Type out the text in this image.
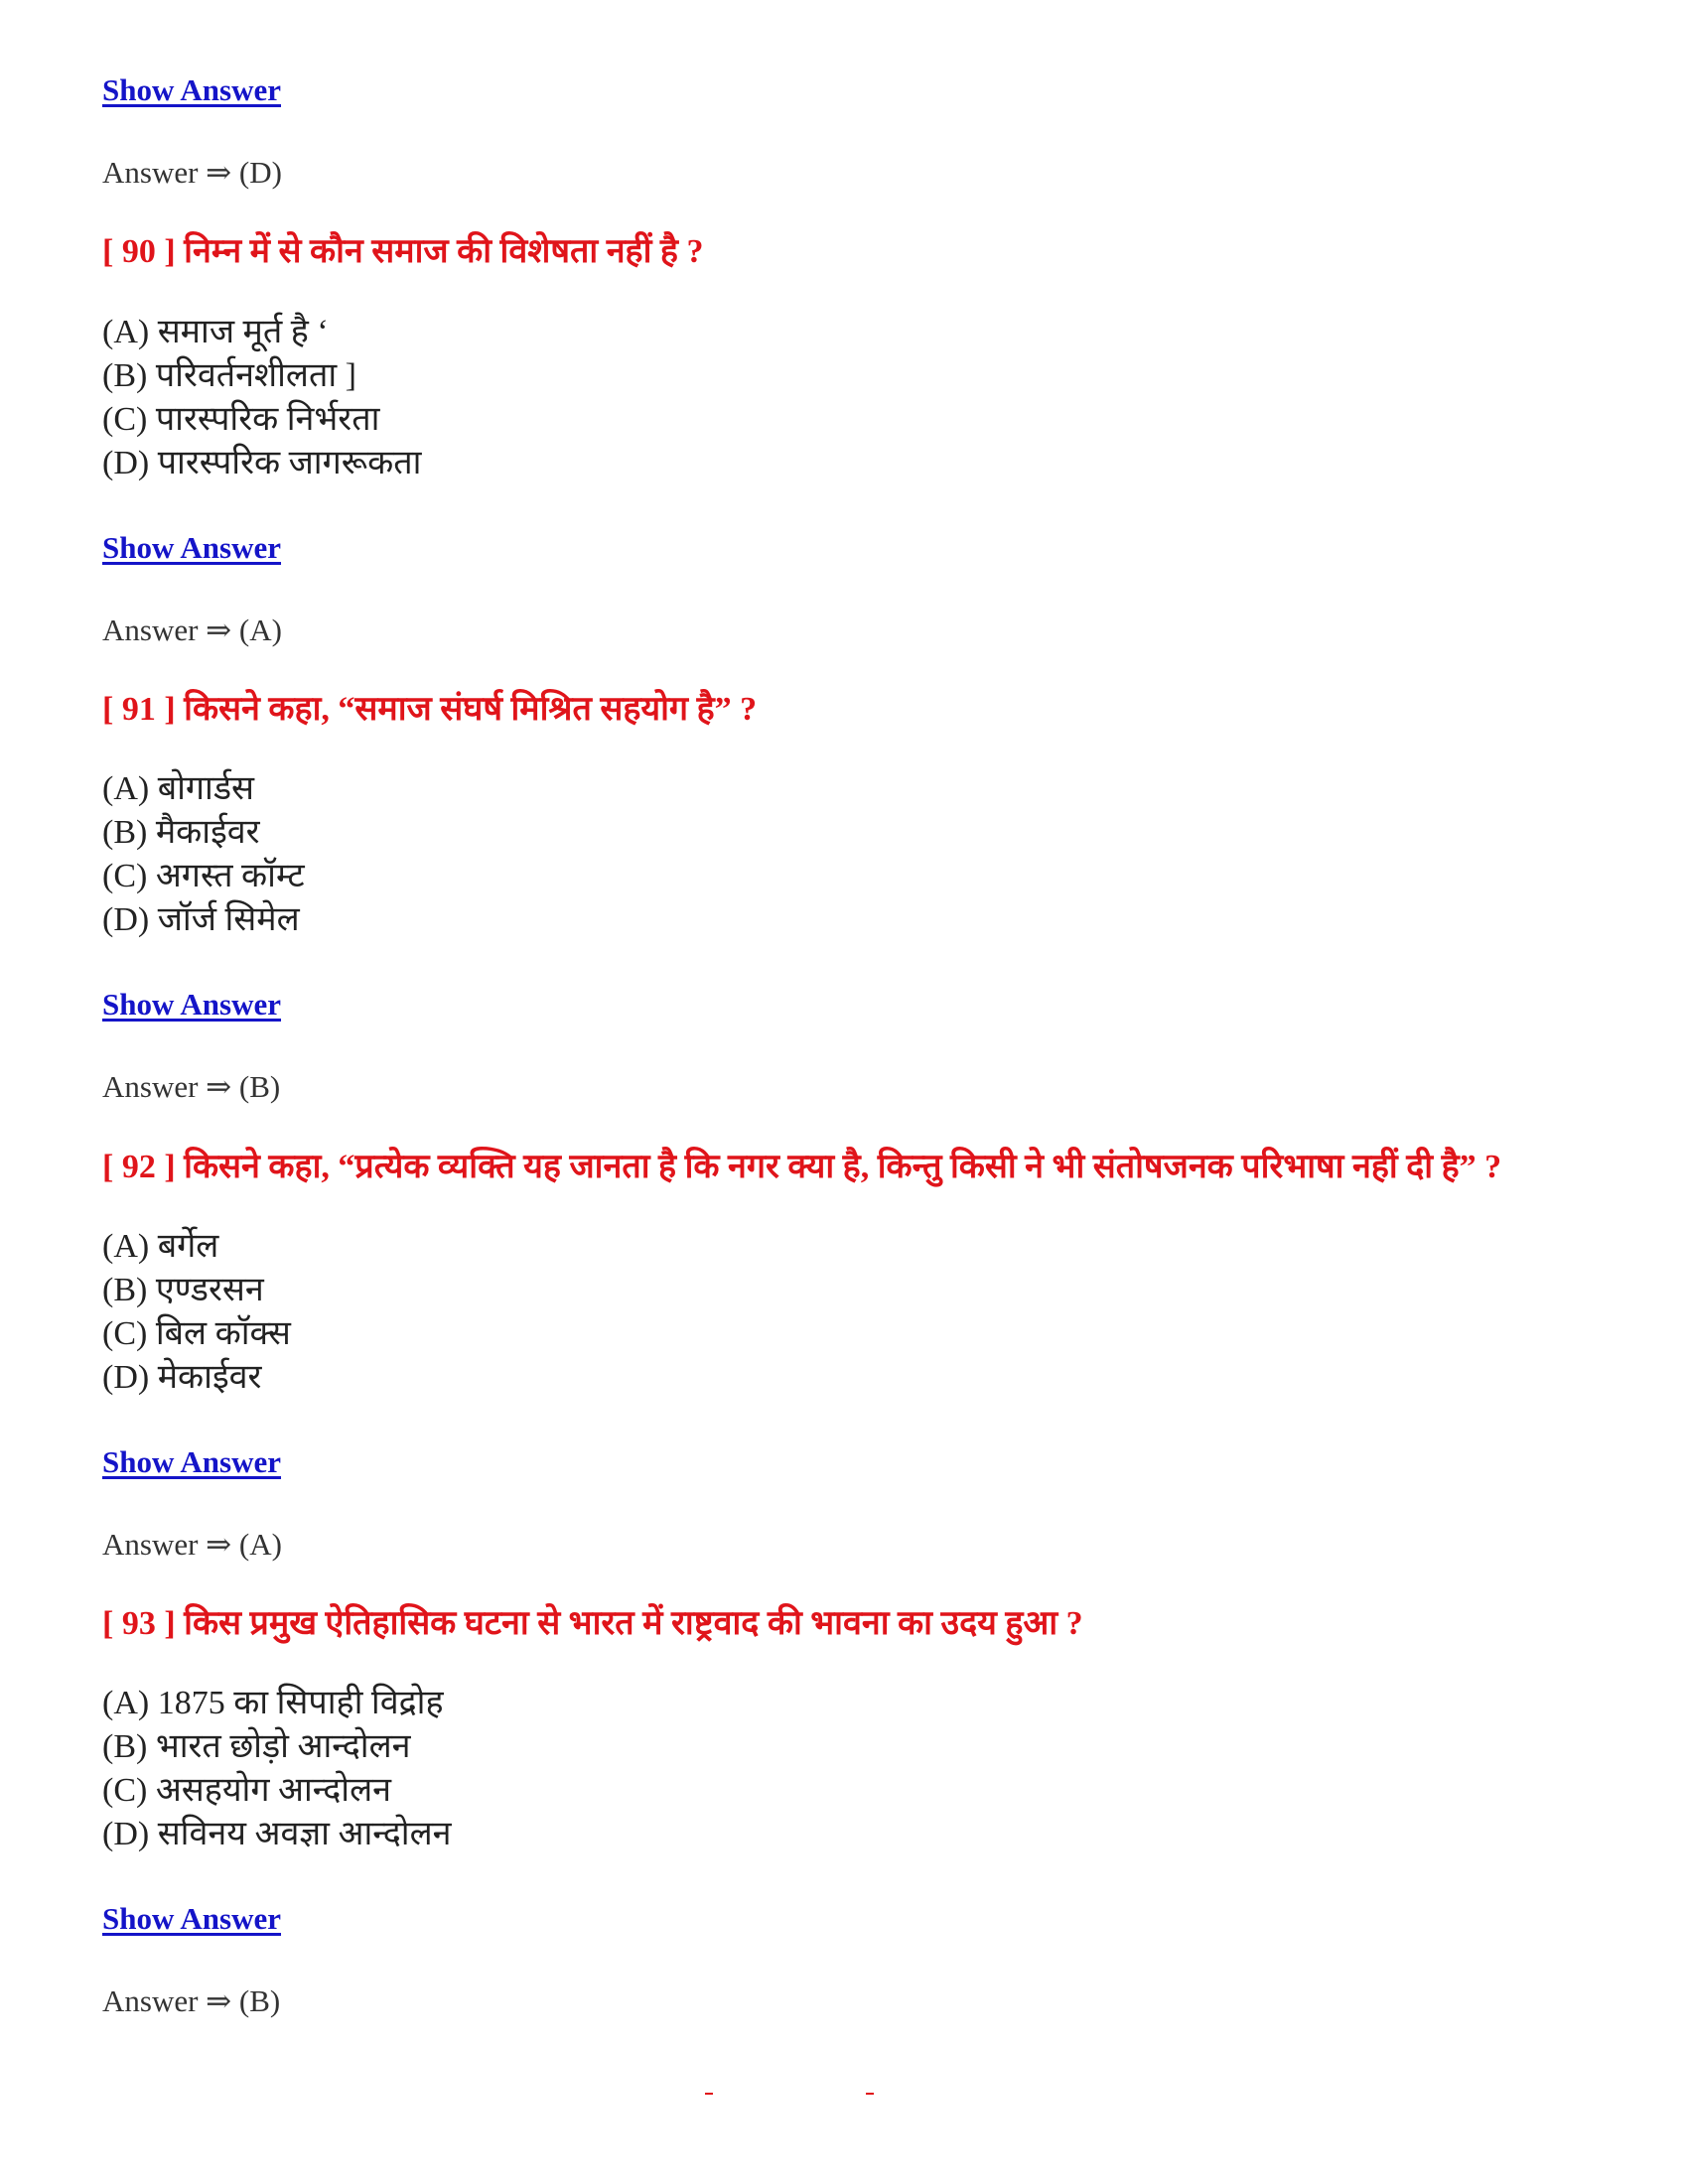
Show Answer
Answer ⇒ (D)
[ 90 ] निम्न में से कौन समाज की विशेषता नहीं है ?
(A) समाज मूर्त है ‘
(B) परिवर्तनशीलता ]
(C) पारस्परिक निर्भरता
(D) पारस्परिक जागरूकता
Show Answer
Answer ⇒ (A)
[ 91 ] किसने कहा, “समाज संघर्ष मिश्रित सहयोग है” ?
(A) बोगार्डस
(B) मैकाईवर
(C) अगस्त कॉम्ट
(D) जॉर्ज सिमेल
Show Answer
Answer ⇒ (B)
[ 92 ] किसने कहा, “प्रत्येक व्यक्ति यह जानता है कि नगर क्या है, किन्तु किसी ने भी संतोषजनक परिभाषा नहीं दी है” ?
(A) बर्गेल
(B) एण्डरसन
(C) बिल कॉक्स
(D) मेकाईवर
Show Answer
Answer ⇒ (A)
[ 93 ] किस प्रमुख ऐतिहासिक घटना से भारत में राष्ट्रवाद की भावना का उदय हुआ ?
(A) 1875 का सिपाही विद्रोह
(B) भारत छोड़ो आन्दोलन
(C) असहयोग आन्दोलन
(D) सविनय अवज्ञा आन्दोलन
Show Answer
Answer ⇒ (B)
